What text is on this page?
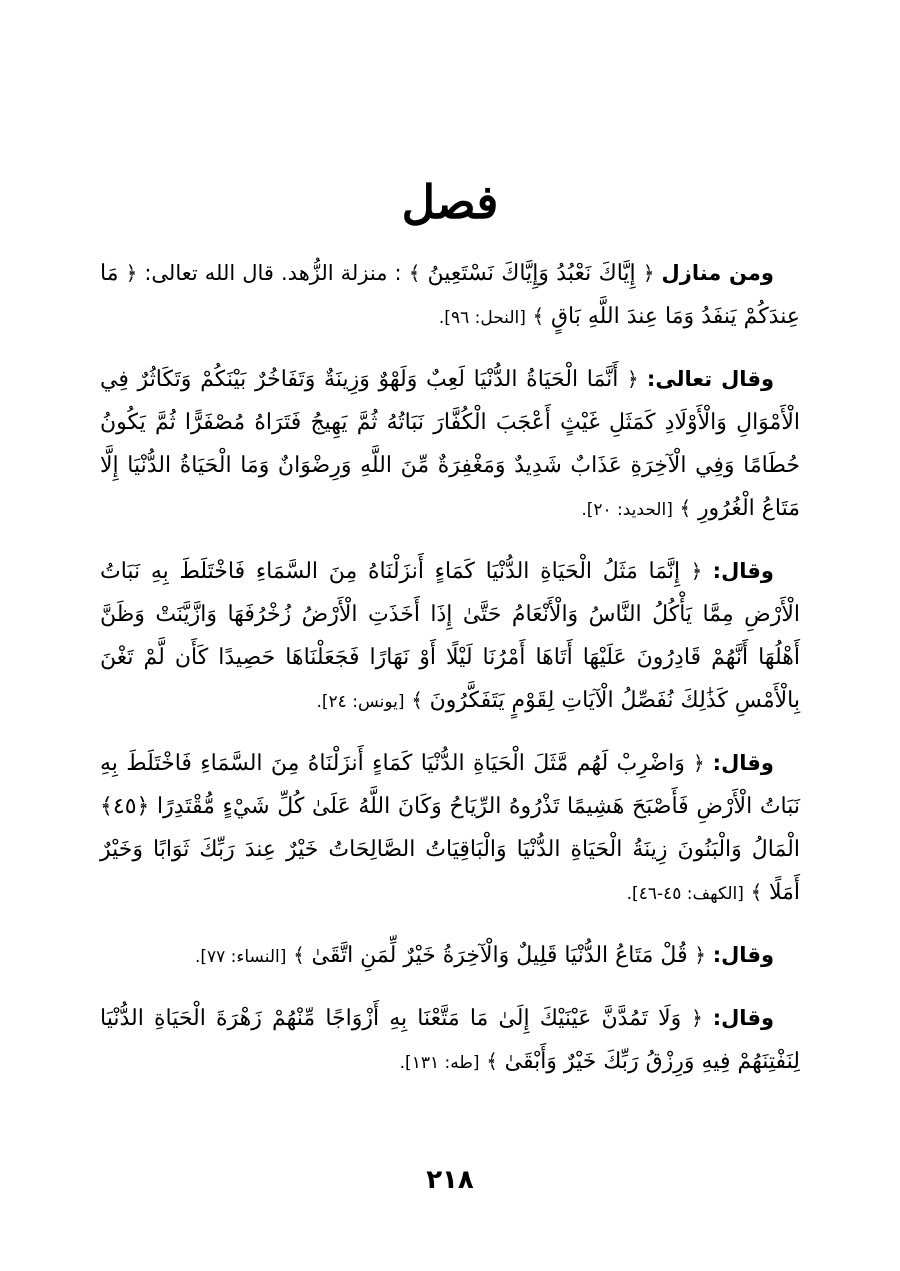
فصل

ومن منازل ﴿ إِيَّاكَ نَعْبُدُ وَإِيَّاكَ نَسْتَعِينُ ﴾ : منزلة الزُّهد. قال الله تعالى: ﴿ مَا عِندَكُمْ يَنفَدُ وَمَا عِندَ اللَّهِ بَاقٍ ﴾ [النحل: ٩٦].

وقال تعالى: ﴿ أَنَّمَا الْحَيَاةُ الدُّنْيَا لَعِبٌ وَلَهْوٌ وَزِينَةٌ وَتَفَاخُرٌ بَيْنَكُمْ وَتَكَاثُرٌ فِي الْأَمْوَالِ وَالْأَوْلَادِ كَمَثَلِ غَيْثٍ أَعْجَبَ الْكُفَّارَ نَبَاتُهُ ثُمَّ يَهِيجُ فَتَرَاهُ مُصْفَرًّا ثُمَّ يَكُونُ حُطَامًا وَفِي الْآخِرَةِ عَذَابٌ شَدِيدٌ وَمَغْفِرَةٌ مِّنَ اللَّهِ وَرِضْوَانٌ وَمَا الْحَيَاةُ الدُّنْيَا إِلَّا مَتَاعُ الْغُرُورِ ﴾ [الحديد: ٢٠].

وقال: ﴿ إِنَّمَا مَثَلُ الْحَيَاةِ الدُّنْيَا كَمَاءٍ أَنزَلْنَاهُ مِنَ السَّمَاءِ فَاخْتَلَطَ بِهِ نَبَاتُ الْأَرْضِ مِمَّا يَأْكُلُ النَّاسُ وَالْأَنْعَامُ حَتَّىٰ إِذَا أَخَذَتِ الْأَرْضُ زُخْرُفَهَا وَازَّيَّنَتْ وَظَنَّ أَهْلُهَا أَنَّهُمْ قَادِرُونَ عَلَيْهَا أَتَاهَا أَمْرُنَا لَيْلًا أَوْ نَهَارًا فَجَعَلْنَاهَا حَصِيدًا كَأَن لَّمْ تَغْنَ بِالْأَمْسِ كَذَٰلِكَ نُفَصِّلُ الْآيَاتِ لِقَوْمٍ يَتَفَكَّرُونَ ﴾ [يونس: ٢٤].

وقال: ﴿ وَاضْرِبْ لَهُم مَّثَلَ الْحَيَاةِ الدُّنْيَا كَمَاءٍ أَنزَلْنَاهُ مِنَ السَّمَاءِ فَاخْتَلَطَ بِهِ نَبَاتُ الْأَرْضِ فَأَصْبَحَ هَشِيمًا تَذْرُوهُ الرِّيَاحُ وَكَانَ اللَّهُ عَلَىٰ كُلِّ شَيْءٍ مُّقْتَدِرًا ﴿٤٥﴾ الْمَالُ وَالْبَنُونَ زِينَةُ الْحَيَاةِ الدُّنْيَا وَالْبَاقِيَاتُ الصَّالِحَاتُ خَيْرٌ عِندَ رَبِّكَ ثَوَابًا وَخَيْرٌ أَمَلًا ﴾ [الكهف: ٤٥-٤٦].

وقال: ﴿ قُلْ مَتَاعُ الدُّنْيَا قَلِيلٌ وَالْآخِرَةُ خَيْرٌ لِّمَنِ اتَّقَىٰ ﴾ [النساء: ٧٧].

وقال: ﴿ وَلَا تَمُدَّنَّ عَيْنَيْكَ إِلَىٰ مَا مَتَّعْنَا بِهِ أَزْوَاجًا مِّنْهُمْ زَهْرَةَ الْحَيَاةِ الدُّنْيَا لِنَفْتِنَهُمْ فِيهِ وَرِزْقُ رَبِّكَ خَيْرٌ وَأَبْقَىٰ ﴾ [طه: ١٣١].

٢١٨
